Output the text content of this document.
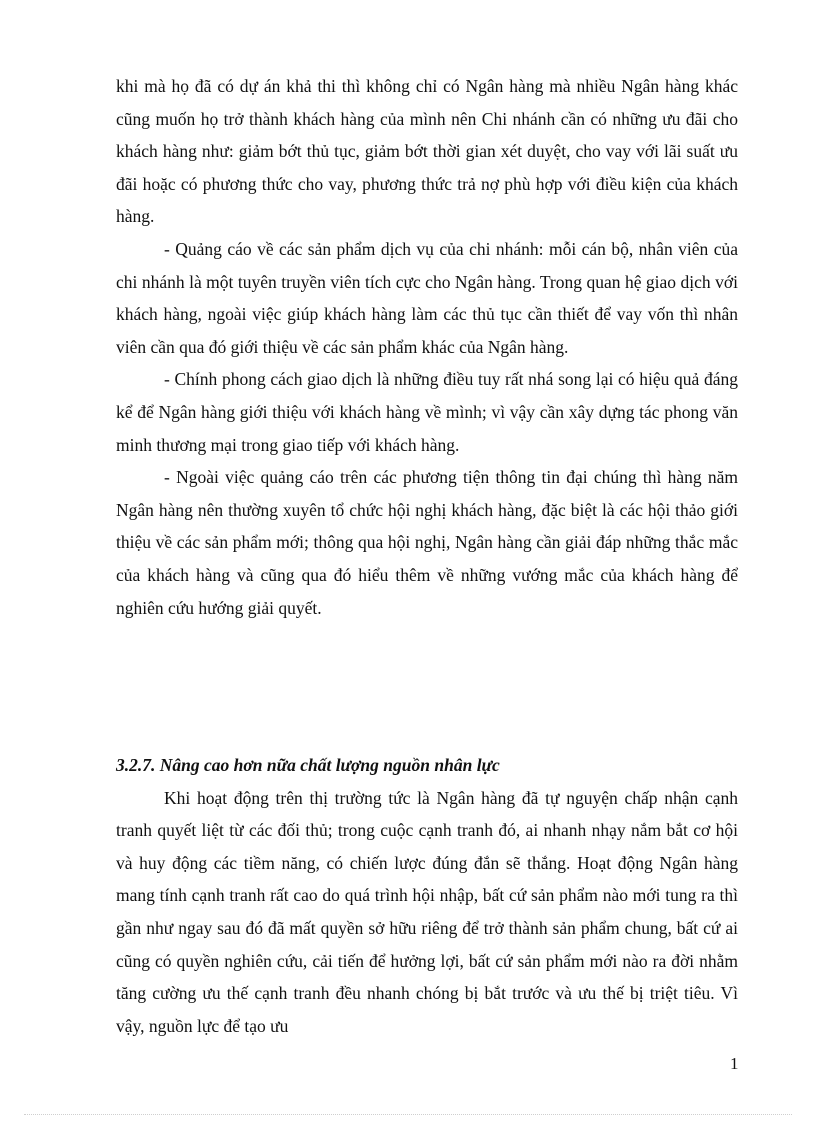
khi mà họ đã có dự án khả thi thì không chỉ có Ngân hàng mà nhiều Ngân hàng khác cũng muốn họ trở thành khách hàng của mình nên Chi nhánh cần có những ưu đãi cho khách hàng như: giảm bớt thủ tục, giảm bớt thời gian xét duyệt, cho vay với lãi suất ưu đãi hoặc có phương thức cho vay, phương thức trả nợ phù hợp với điều kiện của khách hàng.

- Quảng cáo về các sản phẩm dịch vụ của chi nhánh: mỗi cán bộ, nhân viên của chi nhánh là một tuyên truyền viên tích cực cho Ngân hàng. Trong quan hệ giao dịch với khách hàng, ngoài việc giúp khách hàng làm các thủ tục cần thiết để vay vốn thì nhân viên cần qua đó giới thiệu về các sản phẩm khác của Ngân hàng.

- Chính phong cách giao dịch là những điều tuy rất nhá song lại có hiệu quả đáng kể để Ngân hàng giới thiệu với khách hàng về mình; vì vậy cần xây dựng tác phong văn minh thương mại trong giao tiếp với khách hàng.

- Ngoài việc quảng cáo trên các phương tiện thông tin đại chúng thì hàng năm Ngân hàng nên thường xuyên tổ chức hội nghị khách hàng, đặc biệt là các hội thảo giới thiệu về các sản phẩm mới; thông qua hội nghị, Ngân hàng cần giải đáp những thắc mắc của khách hàng và cũng qua đó hiểu thêm về những vướng mắc của khách hàng để nghiên cứu hướng giải quyết.

3.2.7. Nâng cao hơn nữa chất lượng nguồn nhân lực

Khi hoạt động trên thị trường tức là Ngân hàng đã tự nguyện chấp nhận cạnh tranh quyết liệt từ các đối thủ; trong cuộc cạnh tranh đó, ai nhanh nhạy nắm bắt cơ hội và huy động các tiềm năng, có chiến lược đúng đắn sẽ thắng. Hoạt động Ngân hàng mang tính cạnh tranh rất cao do quá trình hội nhập, bất cứ sản phẩm nào mới tung ra thì gần như ngay sau đó đã mất quyền sở hữu riêng để trở thành sản phẩm chung, bất cứ ai cũng có quyền nghiên cứu, cải tiến để hưởng lợi, bất cứ sản phẩm mới nào ra đời nhằm tăng cường ưu thế cạnh tranh đều nhanh chóng bị bắt trước và ưu thế bị triệt tiêu. Vì vậy, nguồn lực để tạo ưu

1
